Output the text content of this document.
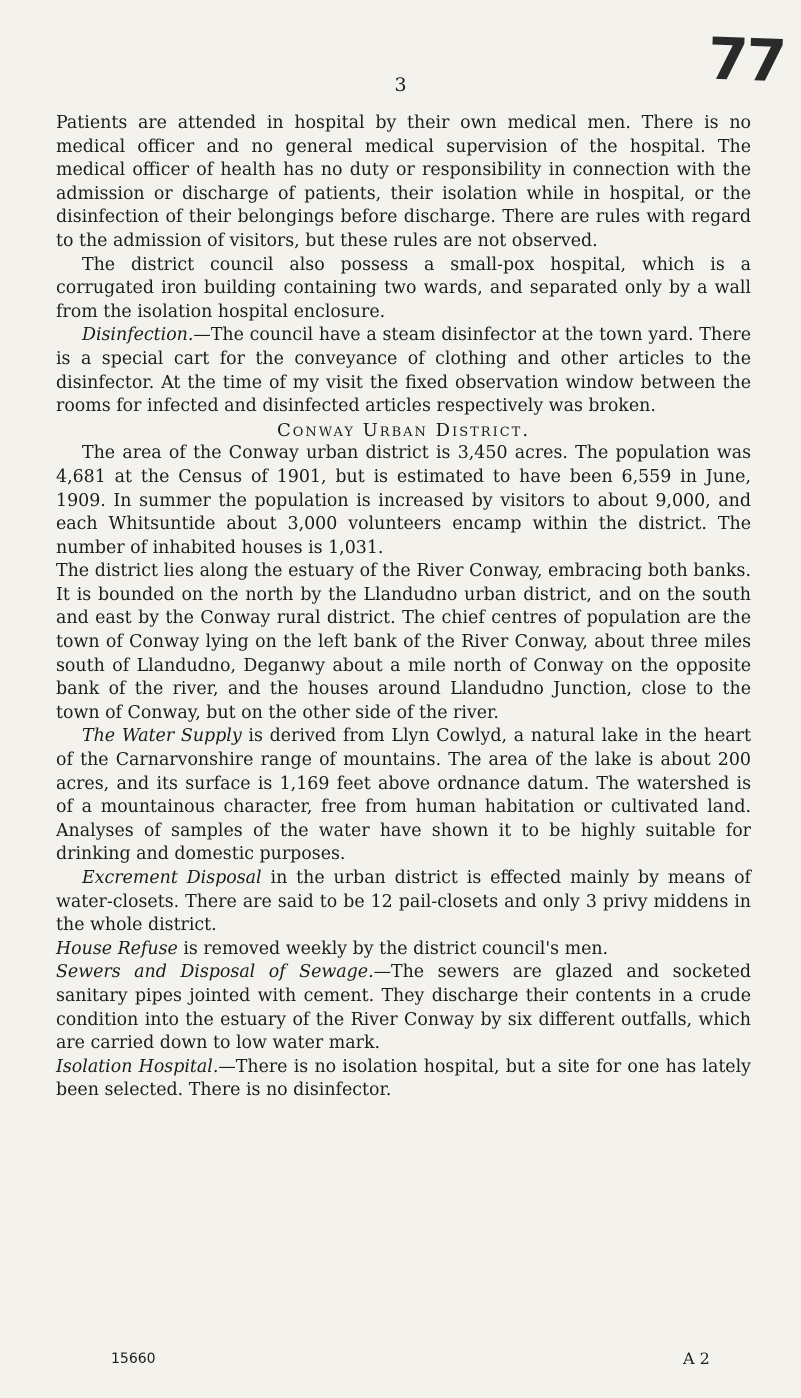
3	77

Patients are attended in hospital by their own medical men. There is no medical officer and no general medical supervision of the hospital. The medical officer of health has no duty or responsibility in connection with the admission or discharge of patients, their isolation while in hospital, or the disinfection of their belongings before discharge. There are rules with regard to the admission of visitors, but these rules are not observed.

The district council also possess a small-pox hospital, which is a corrugated iron building containing two wards, and separated only by a wall from the isolation hospital enclosure.

Disinfection.—The council have a steam disinfector at the town yard. There is a special cart for the conveyance of clothing and other articles to the disinfector. At the time of my visit the fixed observation window between the rooms for infected and disinfected articles respectively was broken.

Conway Urban District.

The area of the Conway urban district is 3,450 acres. The population was 4,681 at the Census of 1901, but is estimated to have been 6,559 in June, 1909. In summer the population is increased by visitors to about 9,000, and each Whitsuntide about 3,000 volunteers encamp within the district. The number of inhabited houses is 1,031.

The district lies along the estuary of the River Conway, embracing both banks. It is bounded on the north by the Llandudno urban district, and on the south and east by the Conway rural district. The chief centres of population are the town of Conway lying on the left bank of the River Conway, about three miles south of Llandudno, Deganwy about a mile north of Conway on the opposite bank of the river, and the houses around Llandudno Junction, close to the town of Conway, but on the other side of the river.

The Water Supply is derived from Llyn Cowlyd, a natural lake in the heart of the Carnarvonshire range of mountains. The area of the lake is about 200 acres, and its surface is 1,169 feet above ordnance datum. The watershed is of a mountainous character, free from human habitation or cultivated land. Analyses of samples of the water have shown it to be highly suitable for drinking and domestic purposes.

Excrement Disposal in the urban district is effected mainly by means of water-closets. There are said to be 12 pail-closets and only 3 privy middens in the whole district.

House Refuse is removed weekly by the district council's men.

Sewers and Disposal of Sewage.—The sewers are glazed and socketed sanitary pipes jointed with cement. They discharge their contents in a crude condition into the estuary of the River Conway by six different outfalls, which are carried down to low water mark.

Isolation Hospital.—There is no isolation hospital, but a site for one has lately been selected. There is no disinfector.

15660	A 2
